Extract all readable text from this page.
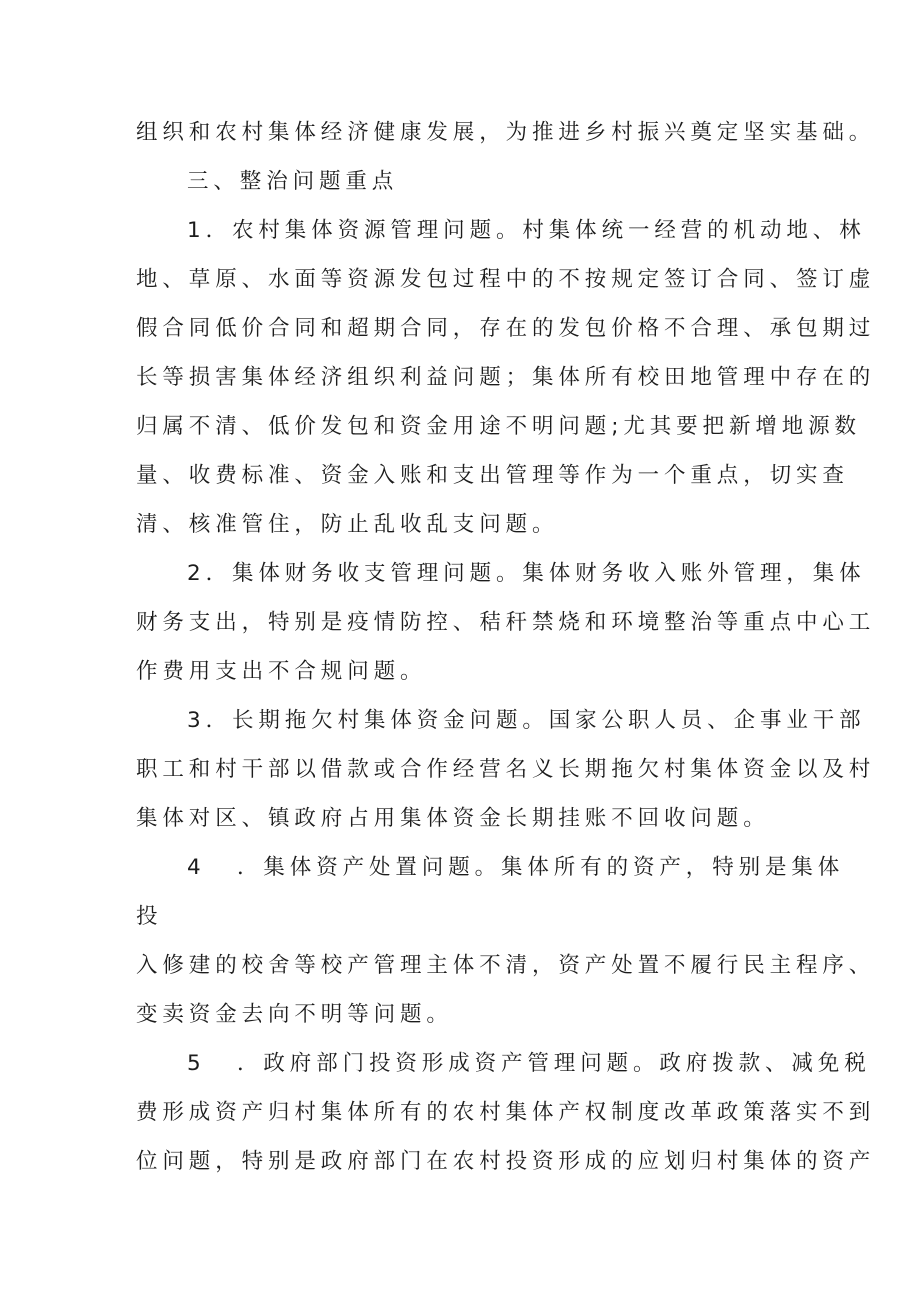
组织和农村集体经济健康发展，为推进乡村振兴奠定坚实基础。
三、整治问题重点
1．农村集体资源管理问题。村集体统一经营的机动地、林
地、草原、水面等资源发包过程中的不按规定签订合同、签订虚
假合同低价合同和超期合同，存在的发包价格不合理、承包期过
长等损害集体经济组织利益问题；集体所有校田地管理中存在的
归属不清、低价发包和资金用途不明问题;尤其要把新增地源数
量、收费标准、资金入账和支出管理等作为一个重点，切实查
清、核准管住，防止乱收乱支问题。
2．集体财务收支管理问题。集体财务收入账外管理，集体
财务支出，特别是疫情防控、秸秆禁烧和环境整治等重点中心工
作费用支出不合规问题。
3．长期拖欠村集体资金问题。国家公职人员、企事业干部
职工和村干部以借款或合作经营名义长期拖欠村集体资金以及村
集体对区、镇政府占用集体资金长期挂账不回收问题。
4 ．集体资产处置问题。集体所有的资产，特别是集体
投
入修建的校舍等校产管理主体不清，资产处置不履行民主程序、
变卖资金去向不明等问题。
5 ．政府部门投资形成资产管理问题。政府拨款、减免税
费形成资产归村集体所有的农村集体产权制度改革政策落实不到
位问题，特别是政府部门在农村投资形成的应划归村集体的资产
